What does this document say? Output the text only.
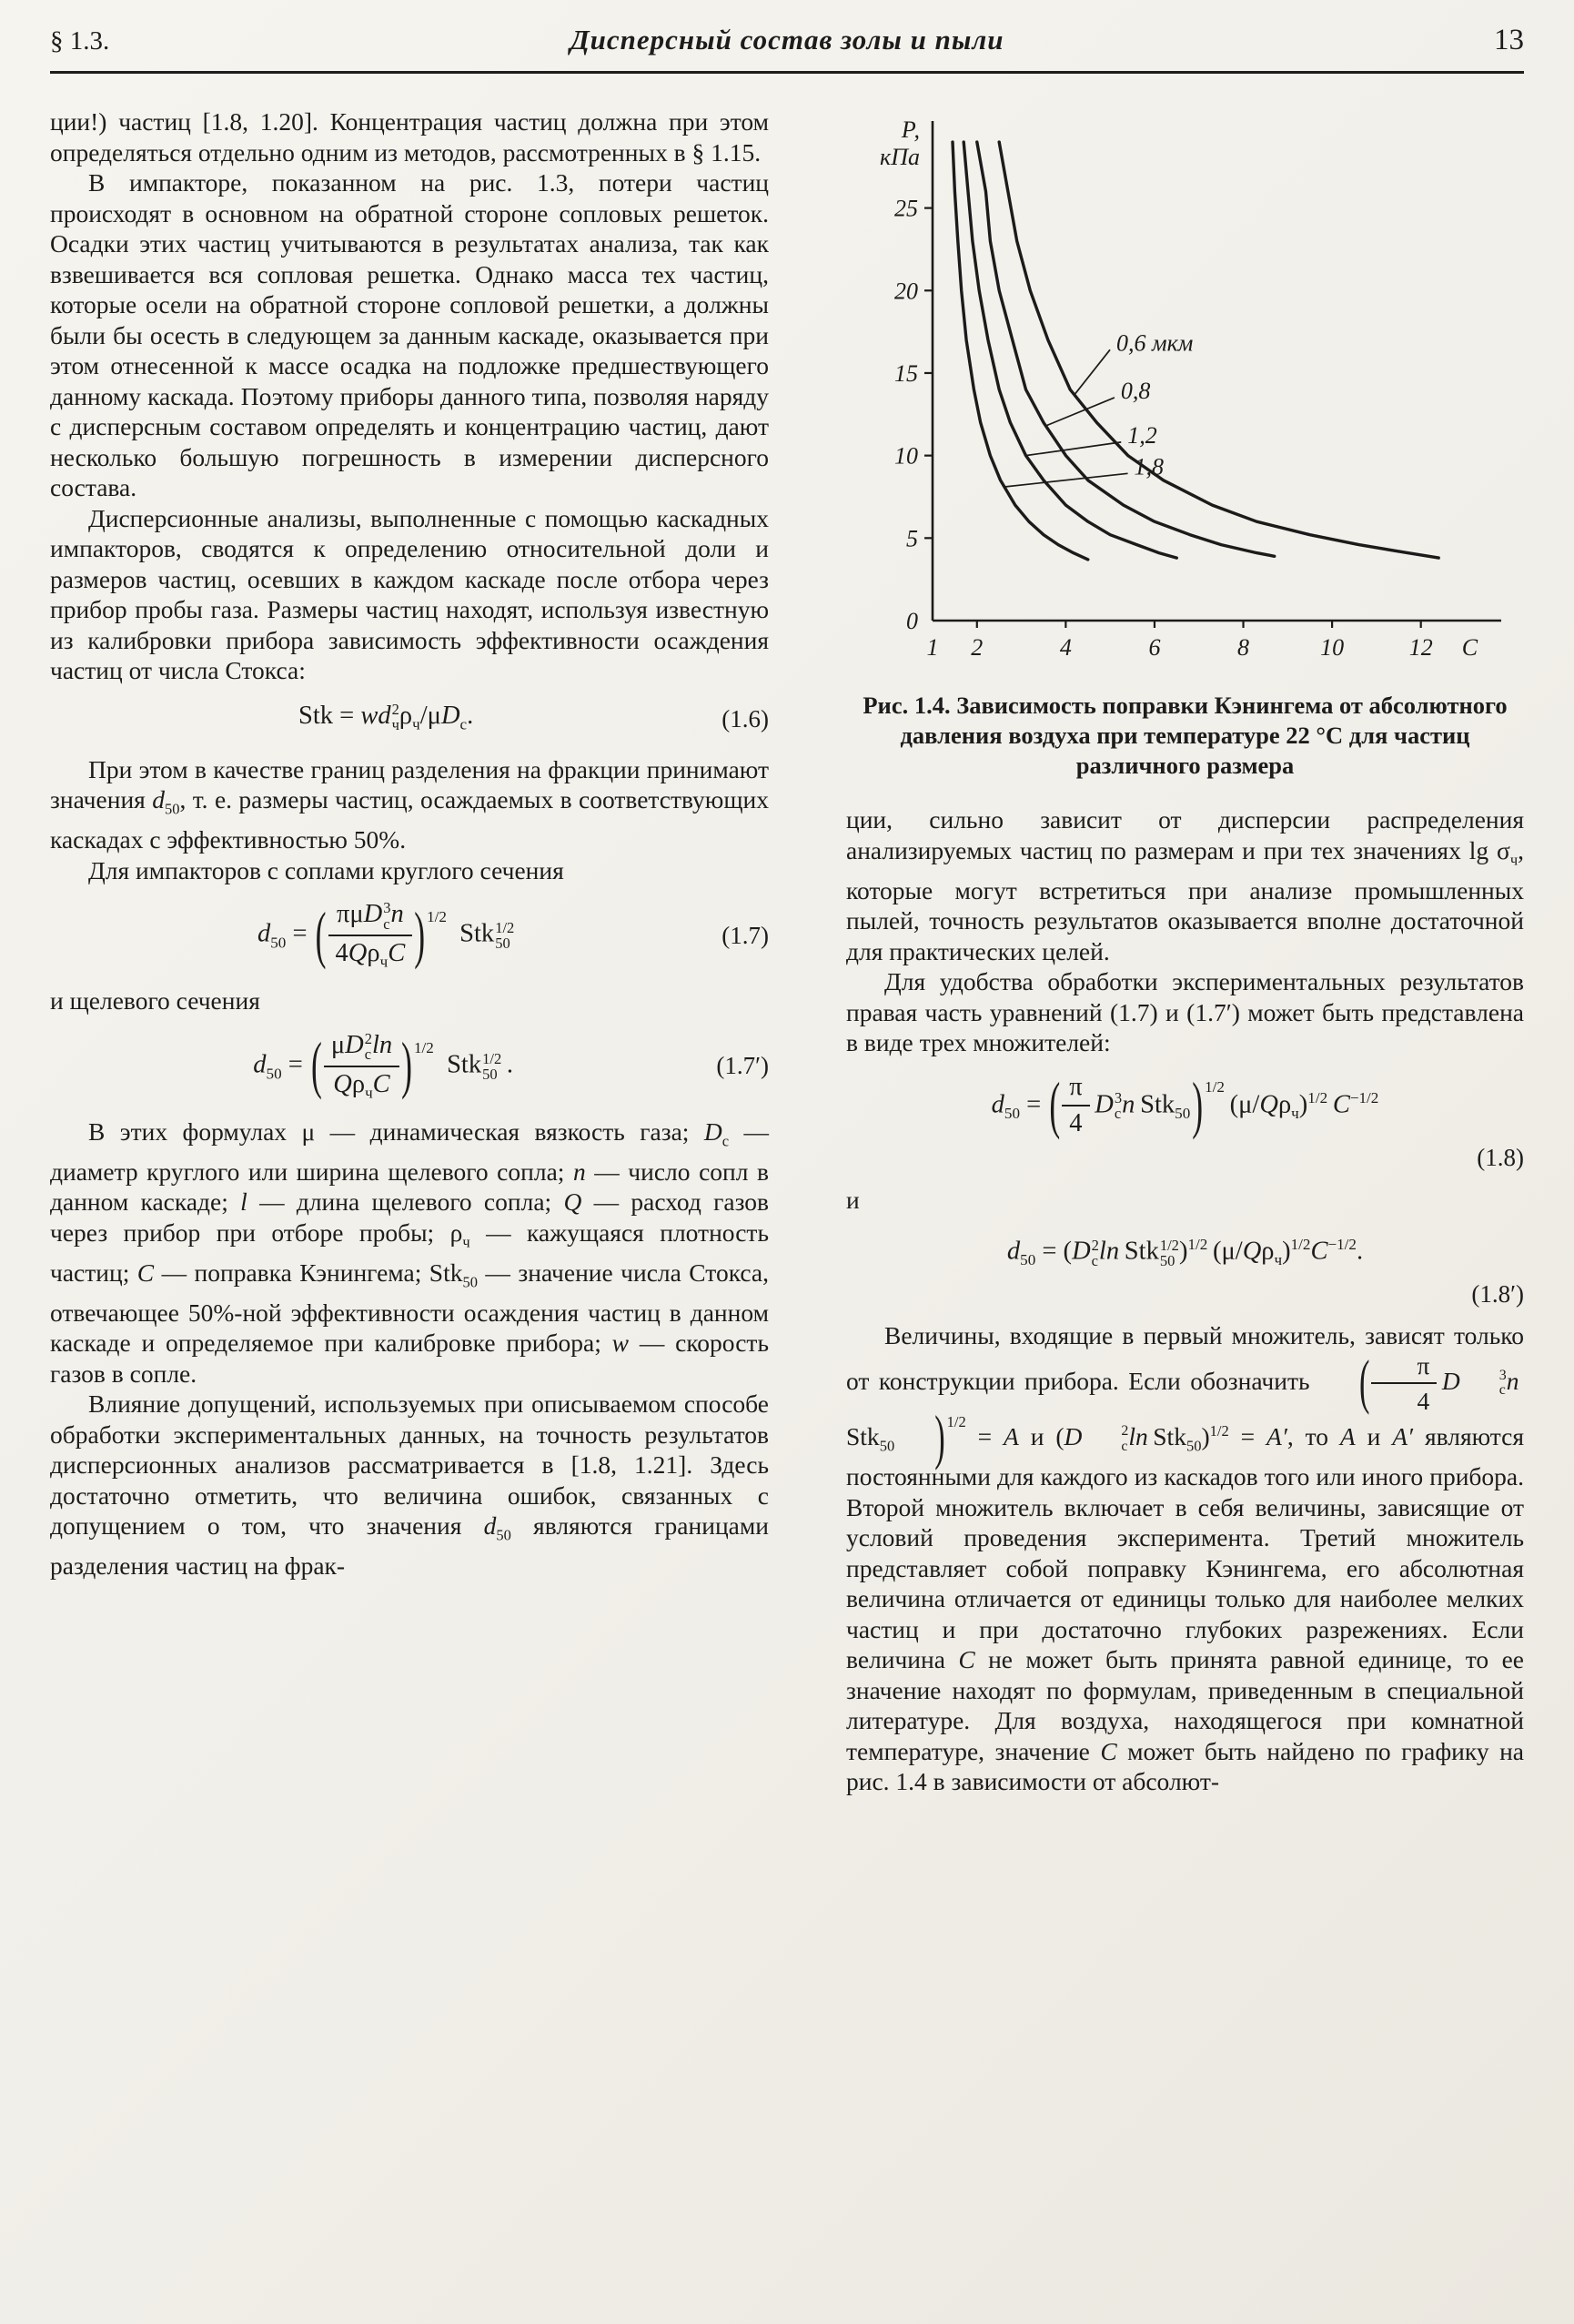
§ 1.3.	Дисперсный состав золы и пыли	13

ции!) частиц [1.8, 1.20]. Концентрация частиц должна при этом определяться отдельно одним из методов, рассмотренных в § 1.15.

В импакторе, показанном на рис. 1.3, потери частиц происходят в основном на обратной стороне сопловых решеток. Осадки этих частиц учитываются в результатах анализа, так как взвешивается вся сопловая решетка. Однако масса тех частиц, которые осели на обратной стороне сопловой решетки, а должны были бы осесть в следующем за данным каскаде, оказывается при этом отнесенной к массе осадка на подложке предшествующего данному каскада. Поэтому приборы данного типа, позволяя наряду с дисперсным составом определять и концентрацию частиц, дают несколько большую погрешность в измерении дисперсного состава.

Дисперсионные анализы, выполненные с помощью каскадных импакторов, сводятся к определению относительной доли и размеров частиц, осевших в каждом каскаде после отбора через прибор пробы газа. Размеры частиц находят, используя известную из калибровки прибора зависимость эффективности осаждения частиц от числа Стокса:

Stk = wd 2
ч $\rho_ч/\mu D_с$.	(1.6)

При этом в качестве границ разделения на фракции принимают значения $d_{50}$, т. е. размеры частиц, осаждаемых в соответствующих каскадах с эффективностью 50%.

Для импакторов с соплами круглого сечения

$d_{50}$ = ( πμD 3
с n
$4Q\rho_чC$ ) $^{1/2}$  Stk 1/2
50	(1.7)

и щелевого сечения

$d_{50}$ = ( μD 2
с ln
$Q\rho_чC$ ) $^{1/2}$  Stk 1/2
50  .	(1.7′)

В этих формулах μ — динамическая вязкость газа; $D_с$ — диаметр круглого или ширина щелевого сопла; n — число сопл в данном каскаде; l — длина щелевого сопла; Q — расход газов через прибор при отборе пробы; $\rho_ч$ — кажущаяся плотность частиц; C — поправка Кэнингема; Stk$_{50}$ — значение числа Стокса, отвечающее 50%-ной эффективности осаждения частиц в данном каскаде и определяемое при калибровке прибора; w — скорость газов в сопле.

Влияние допущений, используемых при описываемом способе обработки экспериментальных данных, на точность результатов дисперсионных анализов рассматривается в [1.8, 1.21]. Здесь достаточно отметить, что величина ошибок, связанных с допущением о том, что значения $d_{50}$ являются границами разделения частиц на фрак-

0
5
10
15
20
25
1 2	4	6	8	10	12
Р,
кПа
С
0,6 мкм
0,8
1,2
1,8
Рис. 1.4. Зависимость поправки Кэнингема от абсолютного давления воздуха при температуре 22 °С для частиц различного размера

ции, сильно зависит от дисперсии распределения анализируемых частиц по размерам и при тех значениях $\lg \sigma_ч$, которые могут встретиться при анализе промышленных пылей, точность результатов оказывается вполне достаточной для практических целей.

Для удобства обработки экспериментальных результатов правая часть уравнений (1.7) и (1.7′) может быть представлена в виде трех множителей:

$d_{50}$ = ( $\frac{\pi}{4}$
  D 3
с n Stk$_{50}$) $^{1/2}$ $(\mu/Q\rho_ч)^{1/2}$  $C^{-1/2}$
(1.8)

и

$d_{50} = (D$ 2
с ln Stk 1/2
50 )$^{1/2}$ $(\mu/Q\rho_ч)^{1/2}C^{-1/2}$.
(1.8′)

Величины, входящие в первый множитель, зависят только от конструкции прибора. Если обозначить ( $\frac{\pi}{4}$
  D	3
с n Stk$_{50}$ ) $^{1/2}$ = A и (D	2
с ln Stk$_{50}$)$^{1/2}$ = A′, то A и A′ являются постоянными для каждого из каскадов того или иного прибора. Второй множитель включает в себя величины, зависящие от условий проведения эксперимента. Третий множитель представляет собой поправку Кэнингема, его абсолютная величина отличается от единицы только для наиболее мелких частиц и при достаточно глубоких разрежениях. Если величина C не может быть принята равной единице, то ее значение находят по формулам, приведенным в специальной литературе. Для воздуха, находящегося при комнатной температуре, значение C может быть найдено по графику на рис. 1.4 в зависимости от абсолют-
